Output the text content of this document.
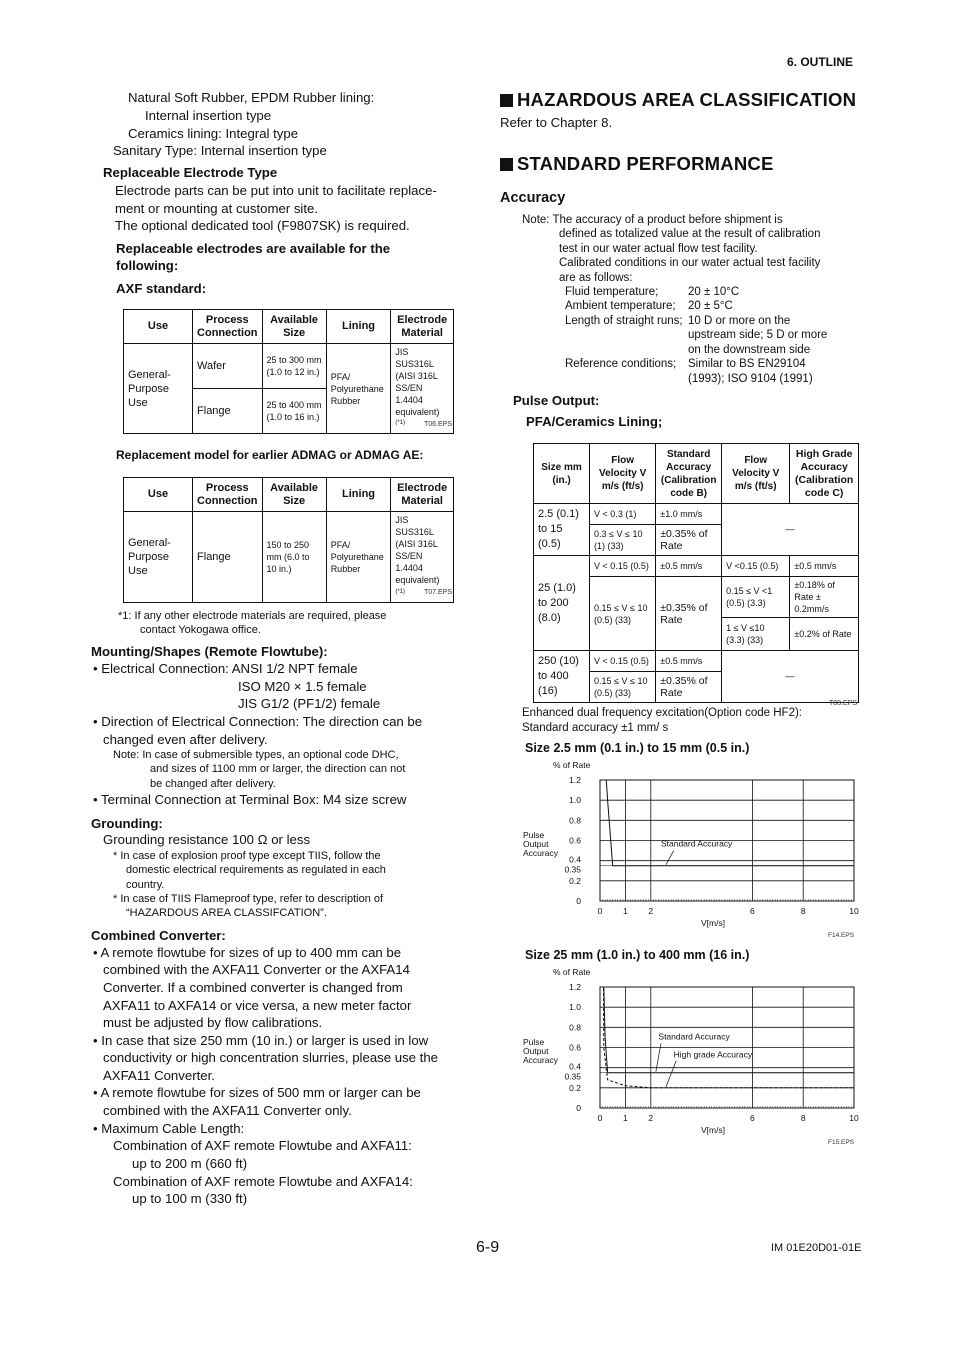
6. OUTLINE
Natural Soft Rubber, EPDM Rubber lining:
Internal insertion type
Ceramics lining: Integral type
Sanitary Type: Internal insertion type
Replaceable Electrode Type
Electrode parts can be put into unit to facilitate replace-
ment or mounting at customer site.
The optional dedicated tool (F9807SK) is required.
Replaceable electrodes are available for the
following:
AXF standard:
Use	Process Connection	Available Size	Lining	Electrode Material
General-Purpose Use	Wafer	25 to 300 mm (1.0 to 12 in.)	PFA/ Polyurethane Rubber	JIS SUS316L (AISI 316L SS/EN 1.4404 equivalent)$^{(*1)}$
	Flange	25 to 400 mm (1.0 to 16 in.)		
T06.EPS
Replacement model for earlier ADMAG or ADMAG AE:
Use	Process Connection	Available Size	Lining	Electrode Material
General-Purpose Use	Flange	150 to 250 mm (6.0 to 10 in.)	PFA/ Polyurethane Rubber	JIS SUS316L (AISI 316L SS/EN 1.4404 equivalent)$^{(*1)}$	T07.EPS
*1: If any other electrode materials are required, please
contact Yokogawa office.
Mounting/Shapes (Remote Flowtube):
• Electrical Connection: ANSI 1/2 NPT female
ISO M20 × 1.5 female
JIS G1/2 (PF1/2) female
• Direction of Electrical Connection: The direction can be
changed even after delivery.
Note: In case of submersible types, an optional code DHC,
and sizes of 1100 mm or larger, the direction can not
be changed after delivery.
• Terminal Connection at Terminal Box: M4 size screw
Grounding:
Grounding resistance 100 Ω or less
* In case of explosion proof type except TIIS, follow the
domestic electrical requirements as regulated in each
country.
* In case of TIIS Flameproof type, refer to description of
“HAZARDOUS AREA CLASSIFCATION”.
Combined Converter:
• A remote flowtube for sizes of up to 400 mm can be
combined with the AXFA11 Converter or the AXFA14
Converter. If a combined converter is changed from
AXFA11 to AXFA14 or vice versa, a new meter factor
must be adjusted by flow calibrations.
• In case that size 250 mm (10 in.) or larger is used in low
conductivity or high concentration slurries, please use the
AXFA11 Converter.
• A remote flowtube for sizes of 500 mm or larger can be
combined with the AXFA11 Converter only.
• Maximum Cable Length:
Combination of AXF remote Flowtube and AXFA11:
up to 200 m (660 ft)
Combination of AXF remote Flowtube and AXFA14:
up to 100 m (330 ft)
HAZARDOUS AREA CLASSIFICATION
Refer to Chapter 8.
STANDARD PERFORMANCE
Accuracy
Note: The accuracy of a product before shipment is
defined as totalized value at the result of calibration
test in our water actual flow test facility.
Calibrated conditions in our water actual test facility
are as follows:
Fluid temperature;	20 ± 10°C
Ambient temperature; 20 ± 5°C
Length of straight runs; 10 D or more on the
upstream side; 5 D or more
on the downstream side
Reference conditions; Similar to BS EN29104
(1993); ISO 9104 (1991)
Pulse Output:
PFA/Ceramics Lining;
Size mm (in.)	Flow Velocity V m/s (ft/s)	Standard Accuracy (Calibration code B)	Flow Velocity V m/s (ft/s)	High Grade Accuracy (Calibration code C)
2.5 (0.1) to 15 (0.5)	V < 0.3 (1)	±1.0 mm/s	—	
	0.3 ≤ V ≤ 10 (1) (33)	±0.35% of Rate		
25 (1.0) to 200 (8.0)	V < 0.15 (0.5)	±0.5 mm/s	V <0.15 (0.5)	±0.5 mm/s
	0.15 ≤ V ≤ 10 (0.5) (33)	±0.35% of Rate	0.15 ≤ V <1 (0.5) (3.3)	±0.18% of Rate ± 0.2mm/s
			1 ≤ V ≤10 (3.3) (33)	±0.2% of Rate
250 (10) to 400 (16)	V < 0.15 (0.5)	±0.5 mm/s	—	
	0.15 ≤ V ≤ 10 (0.5) (33)	±0.35% of Rate		
T08.EPS
Enhanced dual frequency excitation(Option code HF2):
Standard accuracy ±1 mm/ s
Size 2.5 mm (0.1 in.) to 15 mm (0.5 in.)
1.2
1.0
0.8
0.6
0.4
0.35
0.2
0
0 1 2	6	8	10
% of Rate
Pulse
Output
Accuracy
V[m/s]
F14.EPS
Standard Accuracy
Size 25 mm (1.0 in.) to 400 mm (16 in.)
1.2
1.0
0.8
0.6
0.4
0.35
0.2
0
0 1 2	6	8	10
% of Rate
Pulse
Output
Accuracy
V[m/s]
F15.EPS
Standard Accuracy
High grade Accuracy
6-9	IM 01E20D01-01E
